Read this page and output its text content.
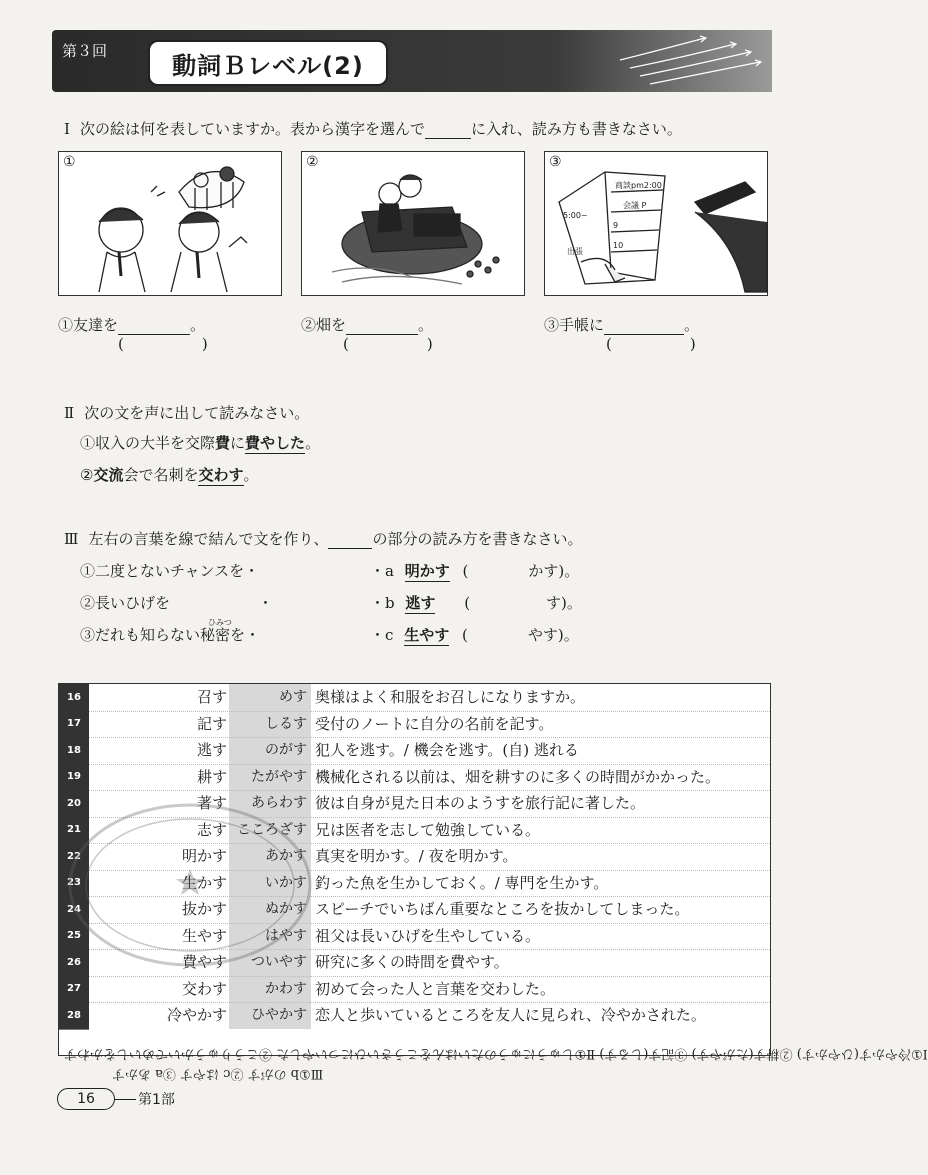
第３回
動詞Ｂレベル(2)
Ⅰ 次の絵は何を表していますか。表から漢字を選んで	に入れ、読み方も書きなさい。
①	②	③
5:00~
商談pm2:00
会議 P
9
10
出張
①友達を	。	②畑を	。	③手帳に	。
(	)	(	)	(	)
Ⅱ 次の文を声に出して読みなさい。
①収入の大半を交際費に費やした。
②交流会で名刺を交わす。
Ⅲ 左右の言葉を線で結んで文を作り、	の部分の読み方を書きなさい。
①二度とないチャンスを・
②長いひげを	・
ひみつ
③だれも知らない秘密を・
・a 明かす (	かす)。
・b 逃す (	す)。
・c 生やす (	やす)。
16	召す	めす 奥様はよく和服をお召しになりますか。
17	記す	しるす 受付のノートに自分の名前を記す。
18	逃す	のがす 犯人を逃す。/ 機会を逃す。(自) 逃れる
19	耕す	たがやす 機械化される以前は、畑を耕すのに多くの時間がかかった。
20	著す	あらわす 彼は自身が見た日本のようすを旅行記に著した。
21	志す こころざす 兄は医者を志して勉強している。
22	明かす	あかす 真実を明かす。/ 夜を明かす。
23	生かす	いかす 釣った魚を生かしておく。/ 専門を生かす。
24	抜かす	ぬかす スピーチでいちばん重要なところを抜かしてしまった。
25	生やす	はやす 祖父は長いひげを生やしている。
26	費やす	ついやす 研究に多くの時間を費やす。
27	交わす	かわす 初めて会った人と言葉を交わした。
28	冷やかす	ひやかす 恋人と歩いているところを友人に見られ、冷やかされた。
Ⅲ①b のがす ②c はやす ③a あかす
Ⅰ①冷やかす(ひやかす) ②耕す(たがやす) ③記す(しるす) Ⅱ①しゅうにゅうのたいはんをこうさいひについやした ②こうりゅうかいでめいしをかわす
16	第1部
